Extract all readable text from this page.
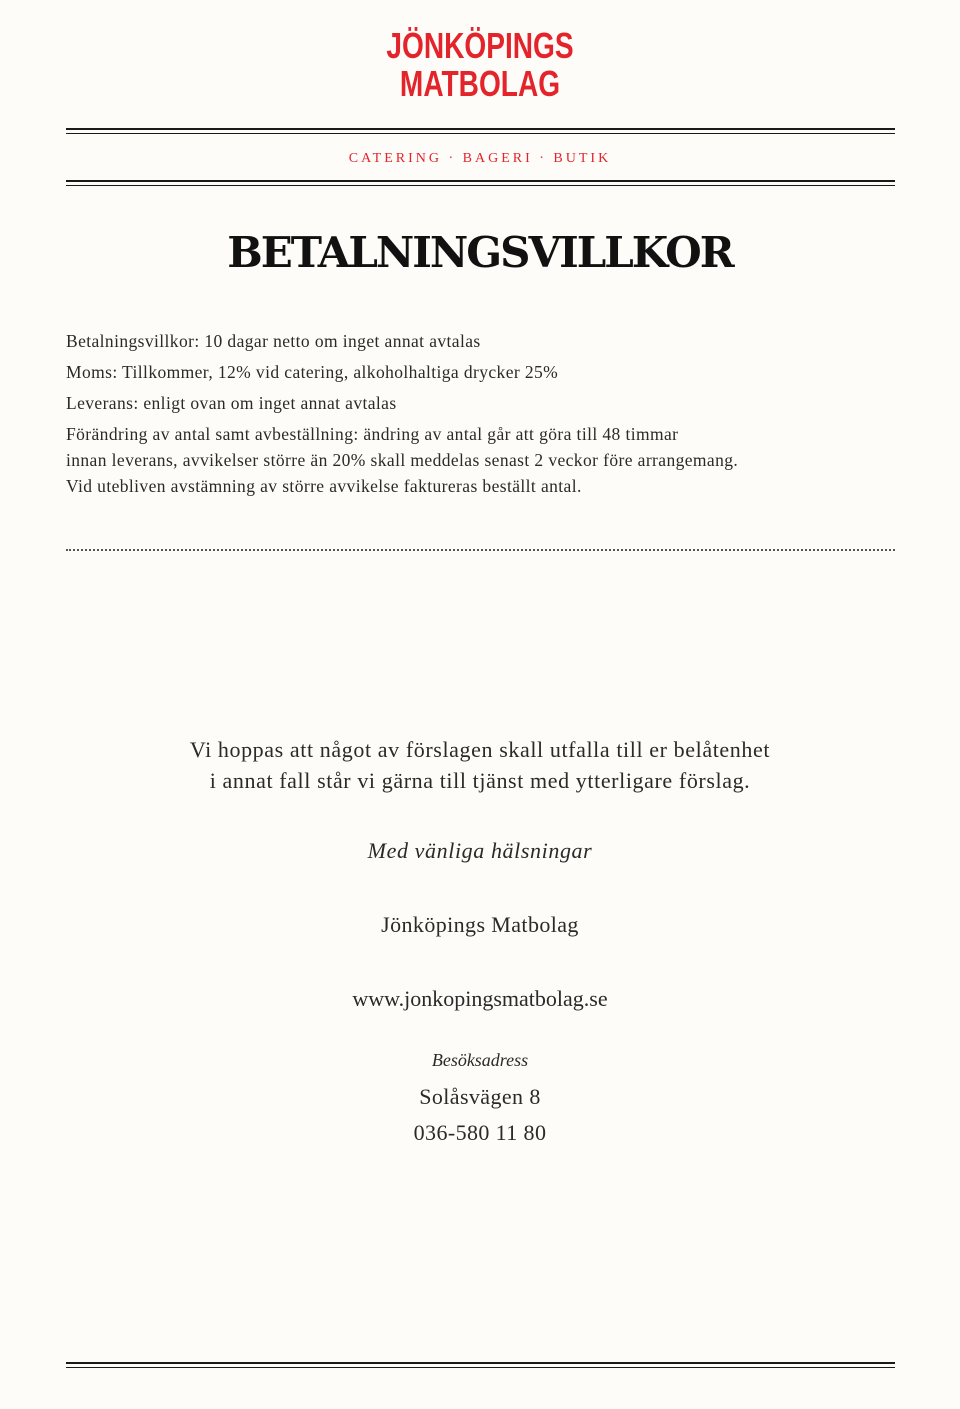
JÖNKÖPINGS
MATBOLAG
CATERING · BAGERI · BUTIK
BETALNINGSVILLKOR
Betalningsvillkor: 10 dagar netto om inget annat avtalas
Moms: Tillkommer, 12% vid catering, alkoholhaltiga drycker 25%
Leverans: enligt ovan om inget annat avtalas
Förändring av antal samt avbeställning: ändring av antal går att göra till 48 timmar
innan leverans, avvikelser större än 20% skall meddelas senast 2 veckor före arrangemang.
Vid utebliven avstämning av större avvikelse faktureras beställt antal.
Vi hoppas att något av förslagen skall utfalla till er belåtenhet
i annat fall står vi gärna till tjänst med ytterligare förslag.
Med vänliga hälsningar
Jönköpings Matbolag
www.jonkopingsmatbolag.se
Besöksadress
Solåsvägen 8
036-580 11 80
